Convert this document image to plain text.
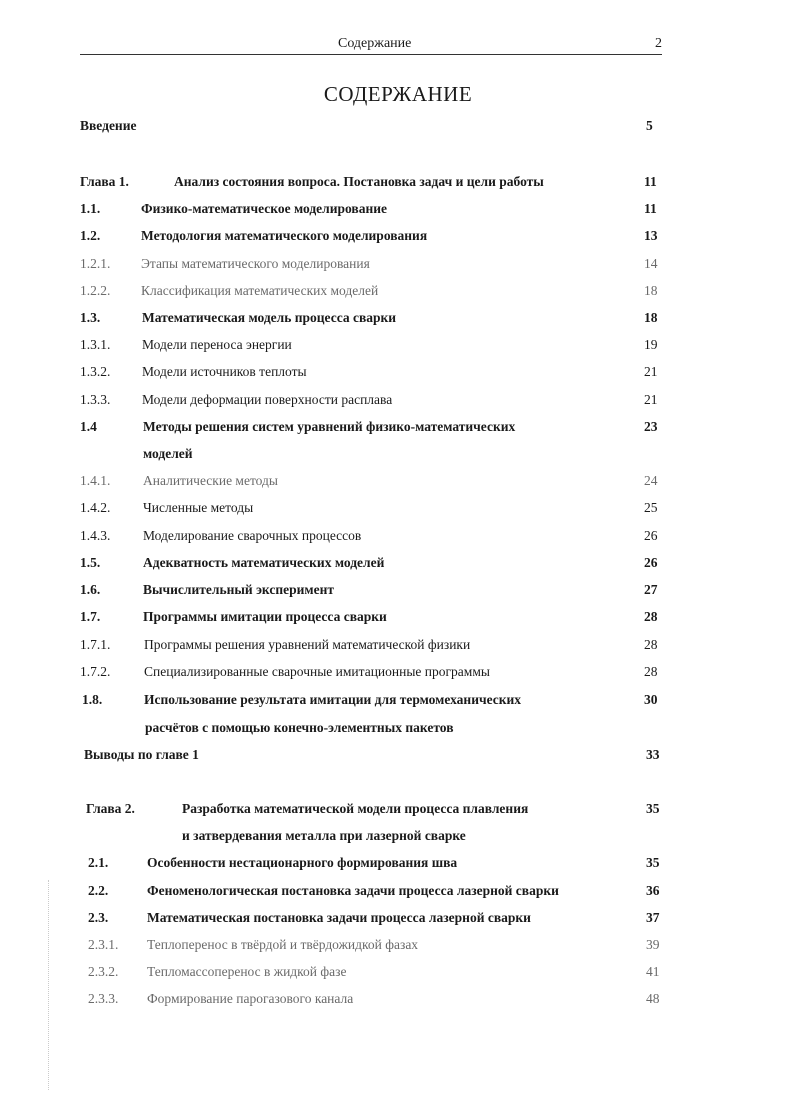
Содержание	2
СОДЕРЖАНИЕ
Введение	5
Глава 1.	Анализ состояния вопроса. Постановка задач и цели работы	11
1.1.	Физико-математическое моделирование	11
1.2.	Методология математического моделирования	13
1.2.1. Этапы математического моделирования	14
1.2.2. Классификация математических моделей	18
1.3.	Математическая модель процесса сварки	18
1.3.1. Модели переноса энергии	19
1.3.2. Модели источников теплоты	21
1.3.3. Модели деформации поверхности расплава	21
1.4	Методы решения систем уравнений физико-математических	23
моделей
1.4.1. Аналитические методы	24
1.4.2. Численные методы	25
1.4.3. Моделирование сварочных процессов	26
1.5.	Адекватность математических моделей	26
1.6.	Вычислительный эксперимент	27
1.7.	Программы имитации процесса сварки	28
1.7.1. Программы решения уравнений математической физики	28
1.7.2. Специализированные сварочные имитационные программы	28
1.8.	Использование результата имитации для термомеханических	30
расчётов с помощью конечно-элементных пакетов
Выводы по главе 1	33
Глава 2.	Разработка математической модели процесса плавления	35
и затвердевания металла при лазерной сварке
2.1.	Особенности нестационарного формирования шва	35
2.2.	Феноменологическая постановка задачи процесса лазерной сварки	36
2.3.	Математическая постановка задачи процесса лазерной сварки	37
2.3.1. Теплоперенос в твёрдой и твёрдожидкой фазах	39
2.3.2. Тепломассоперенос в жидкой фазе	41
2.3.3. Формирование парогазового канала	48
